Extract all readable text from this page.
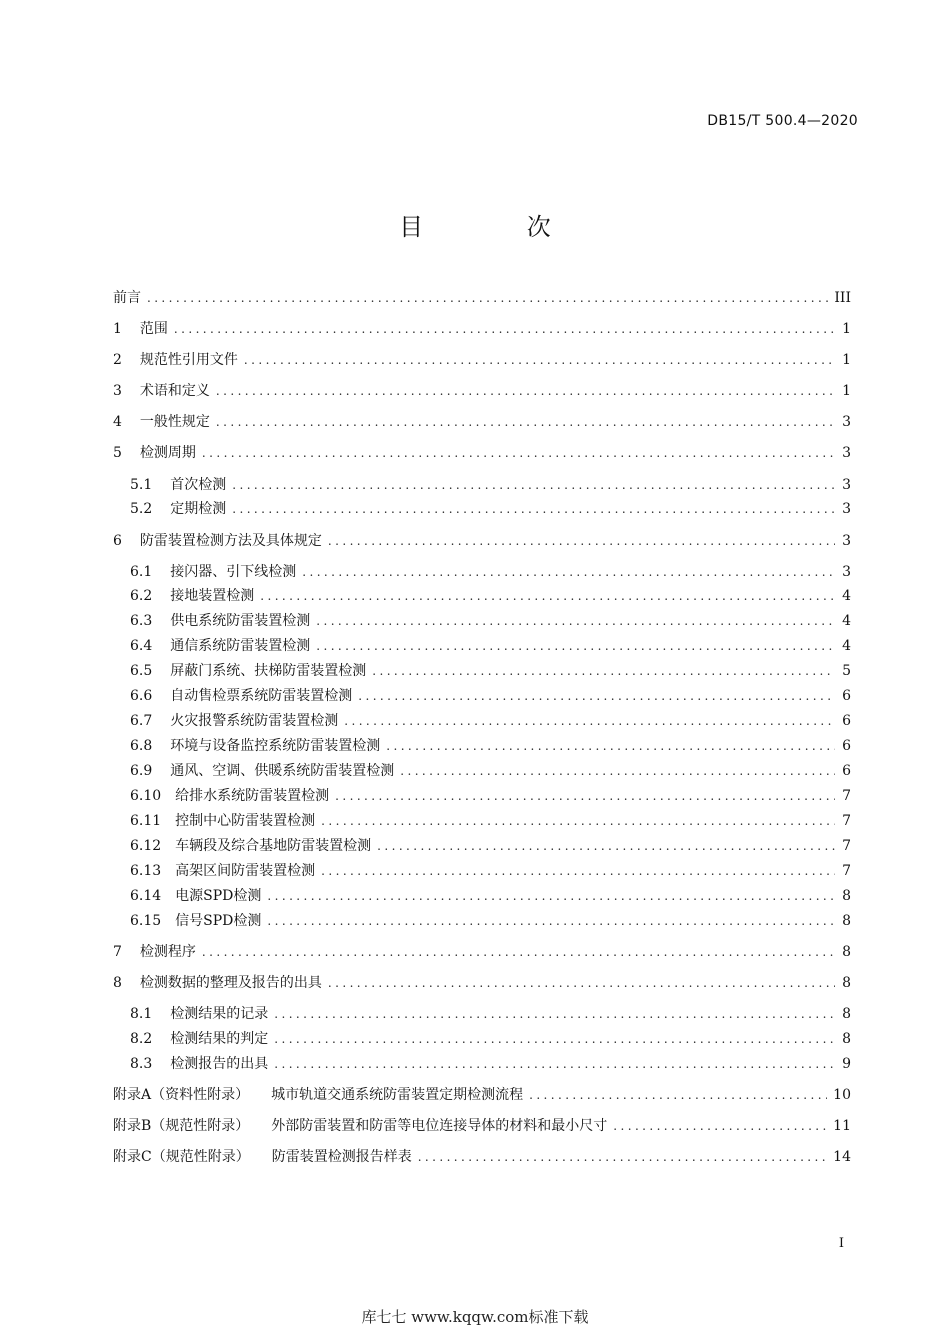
DB15/T 500.4—2020
目 次
前言 .....	III
1 范围 .....	1
2 规范性引用文件 .....	1
3 术语和定义 .....	1
4 一般性规定 .....	3
5 检测周期 .....	3
5.1 首次检测 .....	3
5.2 定期检测 .....	3
6 防雷装置检测方法及具体规定 .....	3
6.1 接闪器、引下线检测 .....	3
6.2 接地装置检测 .....	4
6.3 供电系统防雷装置检测 .....	4
6.4 通信系统防雷装置检测 .....	4
6.5 屏蔽门系统、扶梯防雷装置检测 .....	5
6.6 自动售检票系统防雷装置检测 .....	6
6.7 火灾报警系统防雷装置检测 .....	6
6.8 环境与设备监控系统防雷装置检测 .....	6
6.9 通风、空调、供暖系统防雷装置检测 .....	6
6.10 给排水系统防雷装置检测 .....	7
6.11 控制中心防雷装置检测 .....	7
6.12 车辆段及综合基地防雷装置检测 .....	7
6.13 高架区间防雷装置检测 .....	7
6.14 电源SPD检测 .....	8
6.15 信号SPD检测 .....	8
7 检测程序 .....	8
8 检测数据的整理及报告的出具 .....	8
8.1 检测结果的记录 .....	8
8.2 检测结果的判定 .....	8
8.3 检测报告的出具 .....	9
附录A（资料性附录） 城市轨道交通系统防雷装置定期检测流程 .....	10
附录B（规范性附录） 外部防雷装置和防雷等电位连接导体的材料和最小尺寸 .....	11
附录C（规范性附录） 防雷装置检测报告样表 .....	14
I
库七七 www.kqqw.com标准下载
